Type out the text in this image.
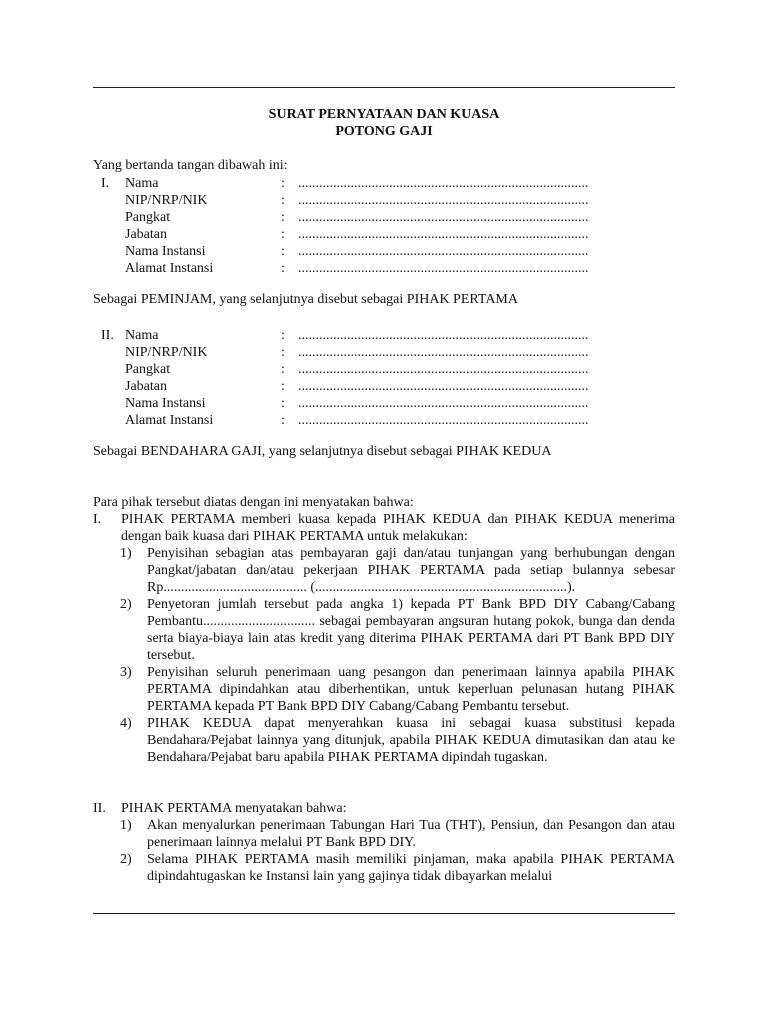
SURAT PERNYATAAN DAN KUASA
POTONG GAJI

Yang bertanda tangan dibawah ini:

I. Nama	: ...................................................................................
NIP/NRP/NIK	: ...................................................................................
Pangkat	: ...................................................................................
Jabatan	: ...................................................................................
Nama Instansi	: ...................................................................................
Alamat Instansi	: ...................................................................................

Sebagai PEMINJAM, yang selanjutnya disebut sebagai PIHAK PERTAMA

II. Nama	: ...................................................................................
NIP/NRP/NIK	: ...................................................................................
Pangkat	: ...................................................................................
Jabatan	: ...................................................................................
Nama Instansi	: ...................................................................................
Alamat Instansi	: ...................................................................................

Sebagai BENDAHARA GAJI, yang selanjutnya disebut sebagai PIHAK KEDUA

Para pihak tersebut diatas dengan ini menyatakan bahwa:

I. PIHAK PERTAMA memberi kuasa kepada PIHAK KEDUA dan PIHAK KEDUA menerima dengan baik kuasa dari PIHAK PERTAMA untuk melakukan:
1) Penyisihan sebagian atas pembayaran gaji dan/atau tunjangan yang berhubungan dengan Pangkat/jabatan dan/atau pekerjaan PIHAK PERTAMA pada setiap bulannya sebesar Rp......................................... (........................................................................).
2) Penyetoran jumlah tersebut pada angka 1) kepada PT Bank BPD DIY Cabang/Cabang Pembantu................................ sebagai pembayaran angsuran hutang pokok, bunga dan denda serta biaya-biaya lain atas kredit yang diterima PIHAK PERTAMA dari PT Bank BPD DIY tersebut.
3) Penyisihan seluruh penerimaan uang pesangon dan penerimaan lainnya apabila PIHAK PERTAMA dipindahkan atau diberhentikan, untuk keperluan pelunasan hutang PIHAK PERTAMA kepada PT Bank BPD DIY Cabang/Cabang Pembantu tersebut.
4) PIHAK KEDUA dapat menyerahkan kuasa ini sebagai kuasa substitusi kepada Bendahara/Pejabat lainnya yang ditunjuk, apabila PIHAK KEDUA dimutasikan dan atau ke Bendahara/Pejabat baru apabila PIHAK PERTAMA dipindah tugaskan.
II. PIHAK PERTAMA menyatakan bahwa:
1) Akan menyalurkan penerimaan Tabungan Hari Tua (THT), Pensiun, dan Pesangon dan atau penerimaan lainnya melalui PT Bank BPD DIY.
2) Selama PIHAK PERTAMA masih memiliki pinjaman, maka apabila PIHAK PERTAMA dipindahtugaskan ke Instansi lain yang gajinya tidak dibayarkan melalui
